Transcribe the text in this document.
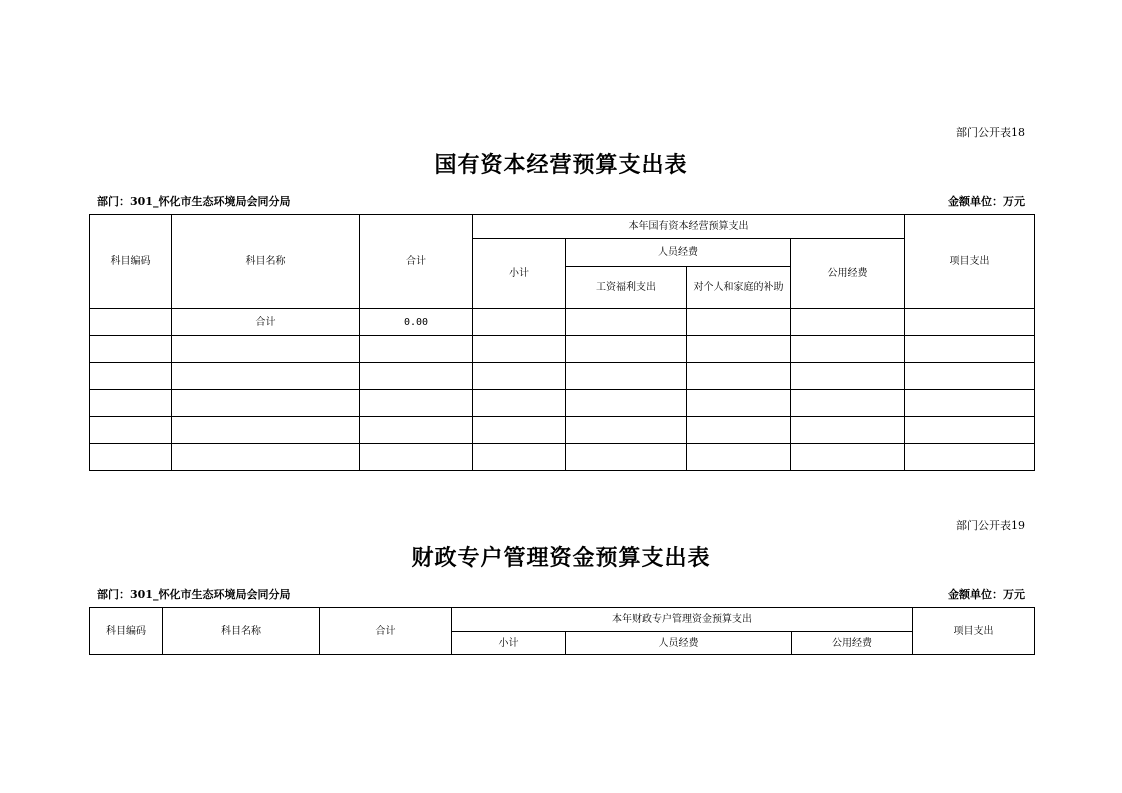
部门公开表18
国有资本经营预算支出表
部门：301_怀化市生态环境局会同分局	金额单位：万元
科目编码	科目名称	合计	本年国有资本经营预算支出				项目支出
			小计	人员经费		公用经费	
				工资福利支出	对个人和家庭的补助		
	合计	0.00					

部门公开表19
财政专户管理资金预算支出表
部门：301_怀化市生态环境局会同分局	金额单位：万元
科目编码	科目名称	合计	本年财政专户管理资金预算支出			项目支出
			小计	人员经费	公用经费	
